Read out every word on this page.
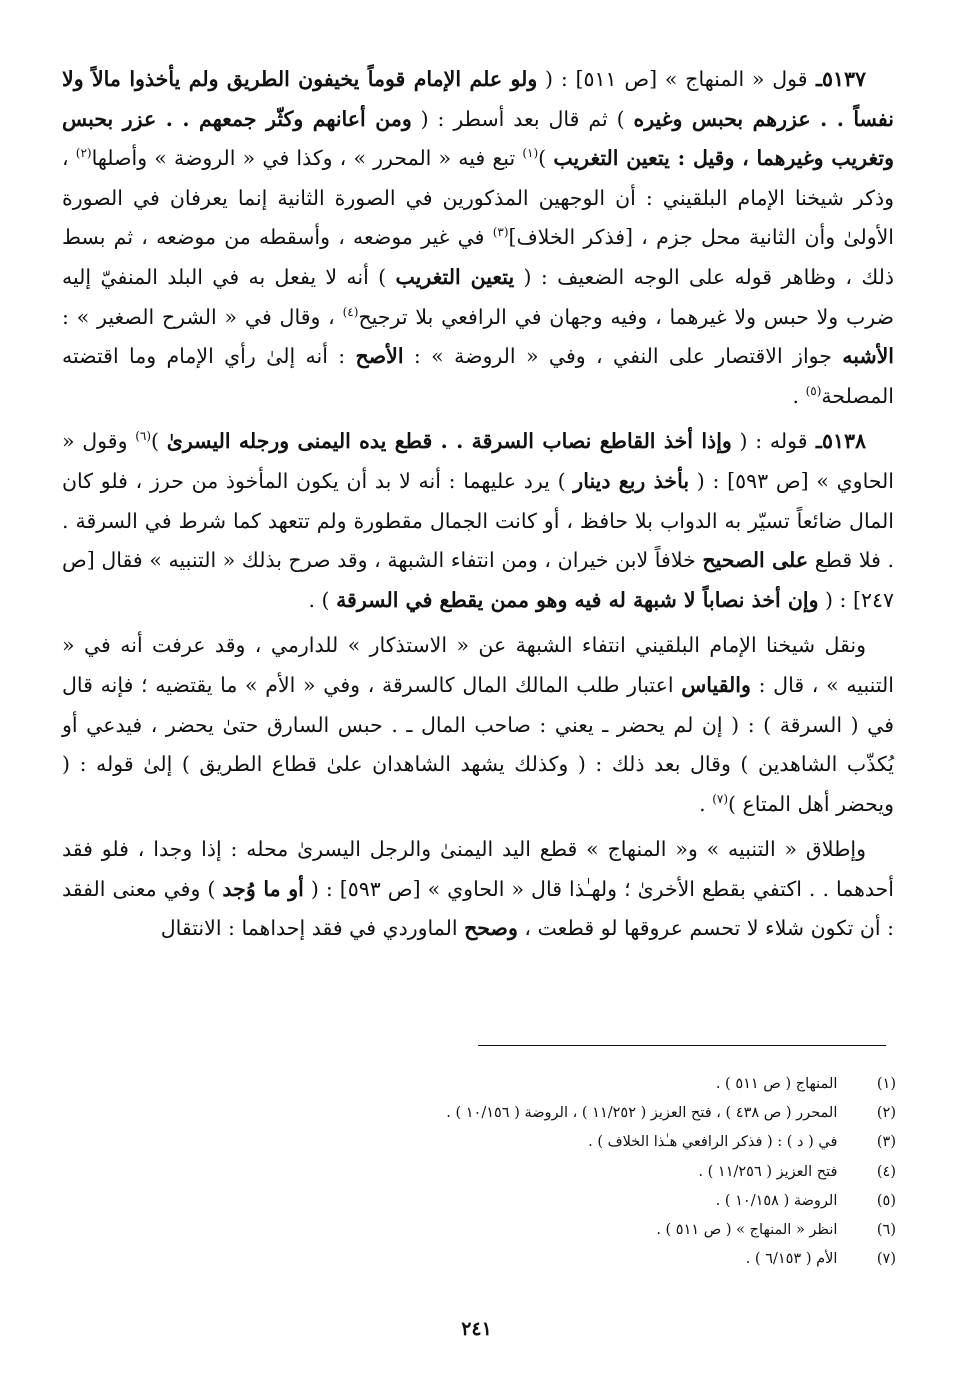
٥١٣٧ـ قول « المنهاج » [ص ٥١١] : ( ولو علم الإمام قوماً يخيفون الطريق ولم يأخذوا مالاً ولا نفساً . . عزرهم بحبس وغيره ) ثم قال بعد أسطر : ( ومن أعانهم وكثّر جمعهم . . عزر بحبس وتغريب وغيرهما ، وقيل : يتعين التغريب )$^{(١)}$ تبع فيه « المحرر » ، وكذا في « الروضة » وأصلها$^{(٢)}$ ، وذكر شيخنا الإمام البلقيني : أن الوجهين المذكورين في الصورة الثانية إنما يعرفان في الصورة الأولىٰ وأن الثانية محل جزم ، [فذكر الخلاف]$^{(٣)}$ في غير موضعه ، وأسقطه من موضعه ، ثم بسط ذلك ، وظاهر قوله على الوجه الضعيف : ( يتعين التغريب ) أنه لا يفعل به في البلد المنفيّ إليه ضرب ولا حبس ولا غيرهما ، وفيه وجهان في الرافعي بلا ترجيح$^{(٤)}$ ، وقال في « الشرح الصغير » : الأشبه جواز الاقتصار على النفي ، وفي « الروضة » : الأصح : أنه إلىٰ رأي الإمام وما اقتضته المصلحة$^{(٥)}$ .

٥١٣٨ـ قوله : ( وإذا أخذ القاطع نصاب السرقة . . قطع يده اليمنى ورجله اليسرىٰ )$^{(٦)}$ وقول « الحاوي » [ص ٥٩٣] : ( بأخذ ربع دينار ) يرد عليهما : أنه لا بد أن يكون المأخوذ من حرز ، فلو كان المال ضائعاً تسيّر به الدواب بلا حافظ ، أو كانت الجمال مقطورة ولم تتعهد كما شرط في السرقة . . فلا قطع على الصحيح خلافاً لابن خيران ، ومن انتفاء الشبهة ، وقد صرح بذلك « التنبيه » فقال [ص ٢٤٧] : ( وإن أخذ نصاباً لا شبهة له فيه وهو ممن يقطع في السرقة ) .

ونقل شيخنا الإمام البلقيني انتفاء الشبهة عن « الاستذكار » للدارمي ، وقد عرفت أنه في « التنبيه » ، قال : والقياس اعتبار طلب المالك المال كالسرقة ، وفي « الأم » ما يقتضيه ؛ فإنه قال في ( السرقة ) : ( إن لم يحضر ـ يعني : صاحب المال ـ . حبس السارق حتىٰ يحضر ، فيدعي أو يُكذّب الشاهدين ) وقال بعد ذلك : ( وكذلك يشهد الشاهدان علىٰ قطاع الطريق ) إلىٰ قوله : ( ويحضر أهل المتاع )$^{(٧)}$ .

وإطلاق « التنبيه » و« المنهاج » قطع اليد اليمنىٰ والرجل اليسرىٰ محله : إذا وجدا ، فلو فقد أحدهما . . اكتفي بقطع الأخرىٰ ؛ ولهـٰذا قال « الحاوي » [ص ٥٩٣] : ( أو ما وُجد ) وفي معنى الفقد : أن تكون شلاء لا تحسم عروقها لو قطعت ، وصحح الماوردي في فقد إحداهما : الانتقال

(١) المنهاج ( ص ٥١١ ) .
(٢) المحرر ( ص ٤٣٨ ) ، فتح العزيز ( ١١/٢٥٢ ) ، الروضة ( ١٠/١٥٦ ) .
(٣) في ( د ) : ( فذكر الرافعي هـٰذا الخلاف ) .
(٤) فتح العزيز ( ١١/٢٥٦ ) .
(٥) الروضة ( ١٠/١٥٨ ) .
(٦) انظر « المنهاج » ( ص ٥١١ ) .
(٧) الأم ( ٦/١٥٣ ) .
٢٤١
